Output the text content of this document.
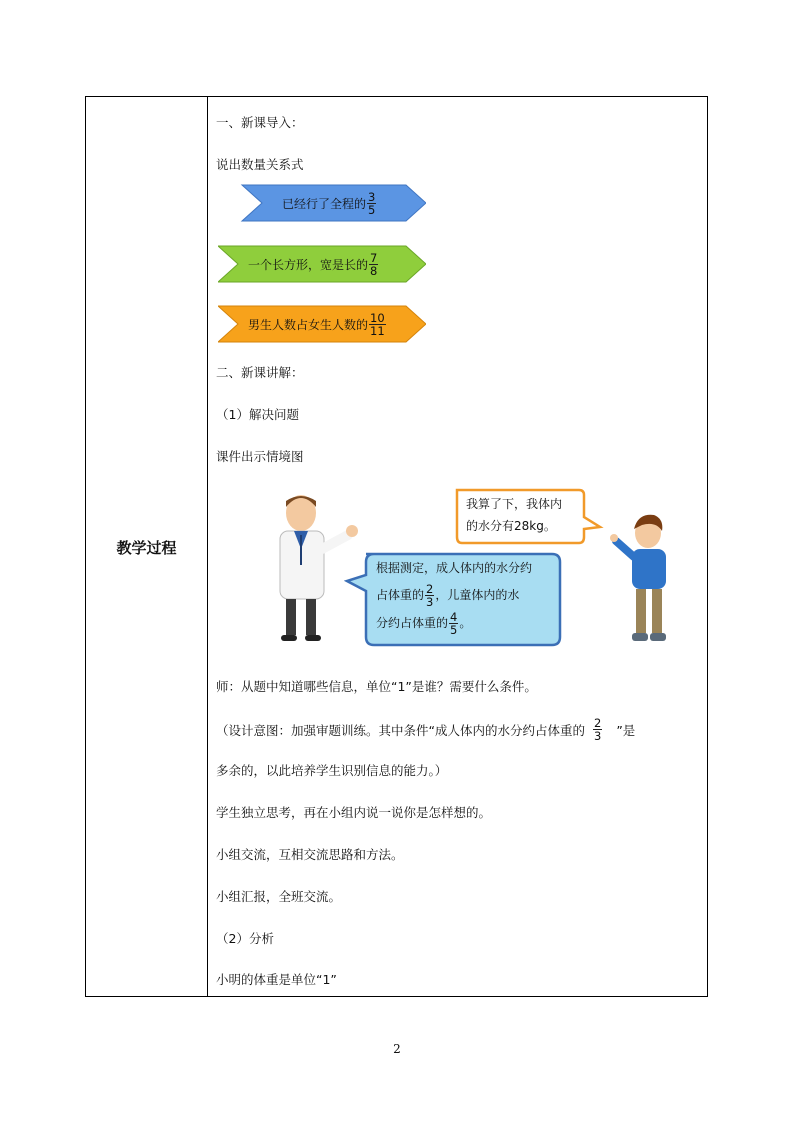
教学过程
一、新课导入：
说出数量关系式
已经行了全程的 $\frac{3}{5}$
一个长方形，宽是长的 $\frac{7}{8}$
男生人数占女生人数的 $\frac{10}{11}$
二、新课讲解：
（1）解决问题
课件出示情境图
我算了下，我体内
的水分有28kg。
根据测定，成人体内的水分约
占体重的 $\frac{2}{3}$ ，儿童体内的水
分约占体重的 $\frac{4}{5}$ 。
师：从题中知道哪些信息，单位“1”是谁？需要什么条件。
（设计意图：加强审题训练。其中条件“成人体内的水分约占体重的 $\frac{2}{3}$ ”是
多余的，以此培养学生识别信息的能力。）
学生独立思考，再在小组内说一说你是怎样想的。
小组交流，互相交流思路和方法。
小组汇报，全班交流。
（2）分析
小明的体重是单位“1”
2
